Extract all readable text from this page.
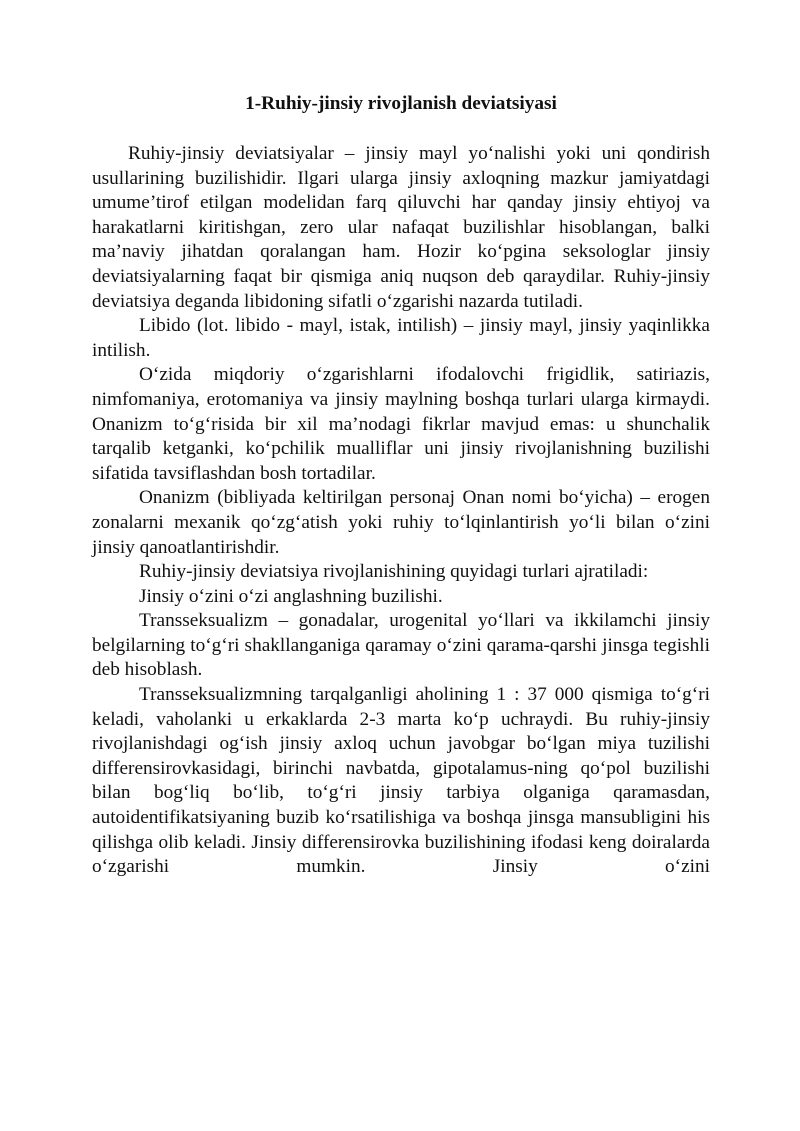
1-Ruhiy-jinsiy rivojlanish deviatsiyasi

Ruhiy-jinsiy deviatsiyalar – jinsiy mayl yo‘nalishi yoki uni qondirish usullarining buzilishidir. Ilgari ularga jinsiy axloqning mazkur jamiyatdagi umume’tirof etilgan modelidan farq qiluvchi har qanday jinsiy ehtiyoj va harakatlarni kiritishgan, zero ular nafaqat buzilishlar hisoblangan, balki ma’naviy jihatdan qoralangan ham. Hozir ko‘pgina seksologlar jinsiy deviatsiyalarning faqat bir qismiga aniq nuqson deb qaraydilar. Ruhiy-jinsiy deviatsiya deganda libidoning sifatli o‘zgarishi nazarda tutiladi.

Libido (lot. libido - mayl, istak, intilish) – jinsiy mayl, jinsiy yaqinlikka intilish.

O‘zida miqdoriy o‘zgarishlarni ifodalovchi frigidlik, satiriazis, nimfomaniya, erotomaniya va jinsiy maylning boshqa turlari ularga kirmaydi. Onanizm to‘g‘risida bir xil ma’nodagi fikrlar mavjud emas: u shunchalik tarqalib ketganki, ko‘pchilik mualliflar uni jinsiy rivojlanishning buzilishi sifatida tavsiflashdan bosh tortadilar.

Onanizm (bibliyada keltirilgan personaj Onan nomi bo‘yicha) – erogen zonalarni mexanik qo‘zg‘atish yoki ruhiy to‘lqinlantirish yo‘li bilan o‘zini jinsiy qanoatlantirishdir.

Ruhiy-jinsiy deviatsiya rivojlanishining quyidagi turlari ajratiladi:

Jinsiy o‘zini o‘zi anglashning buzilishi.

Transseksualizm – gonadalar, urogenital yo‘llari va ikkilamchi jinsiy belgilarning to‘g‘ri shakllanganiga qaramay o‘zini qarama-qarshi jinsga tegishli deb hisoblash.

Transseksualizmning tarqalganligi aholining 1 : 37 000 qismiga to‘g‘ri keladi, vaholanki u erkaklarda 2-3 marta ko‘p uchraydi. Bu ruhiy-jinsiy rivojlanishdagi og‘ish jinsiy axloq uchun javobgar bo‘lgan miya tuzilishi differensirovkasidagi, birinchi navbatda, gipotalamus-ning qo‘pol buzilishi bilan bog‘liq bo‘lib, to‘g‘ri jinsiy tarbiya olganiga qaramasdan, autoidentifikatsiyaning buzib ko‘rsatilishiga va boshqa jinsga mansubligini his qilishga olib keladi. Jinsiy differensirovka buzilishining ifodasi keng doiralarda o‘zgarishi mumkin. Jinsiy o‘zini
